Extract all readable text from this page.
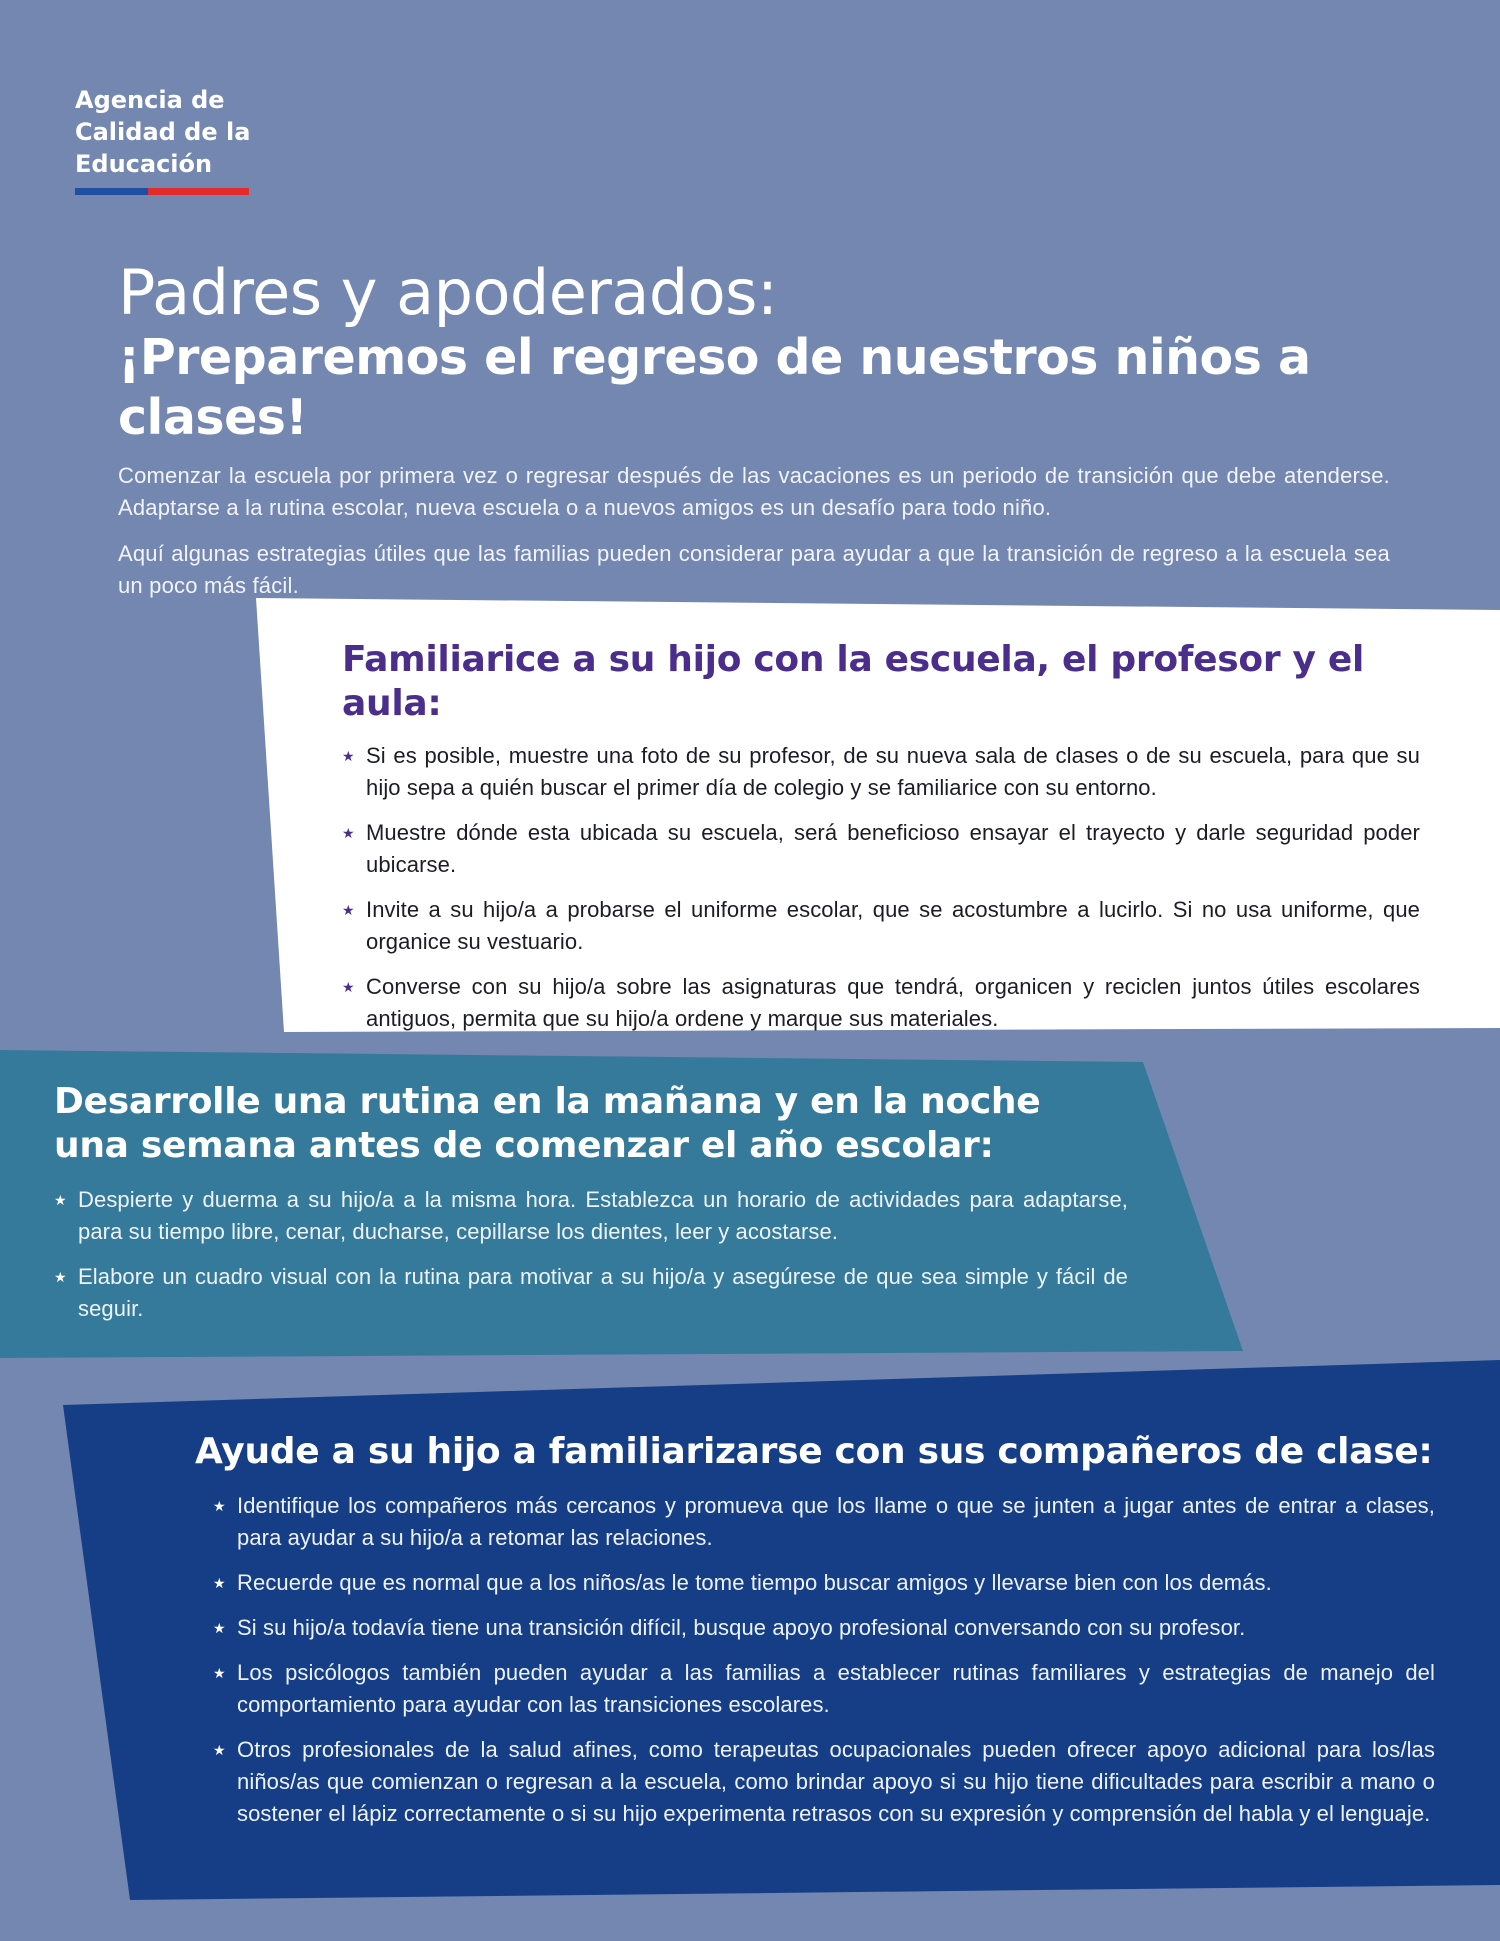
Agencia de
Calidad de la
Educación
Padres y apoderados:
¡Preparemos el regreso de nuestros niños a clases!

Comenzar la escuela por primera vez o regresar después de las vacaciones es un periodo de transición que debe atenderse. Adaptarse a la rutina escolar, nueva escuela o a nuevos amigos es un desafío para todo niño.

Aquí algunas estrategias útiles que las familias pueden considerar para ayudar a que la transición de regreso a la escuela sea un poco más fácil.

Familiarice a su hijo con la escuela, el profesor y el aula:
★ Si es posible, muestre una foto de su profesor, de su nueva sala de clases o de su escuela, para que su hijo sepa a quién buscar el primer día de colegio y se familiarice con su entorno.
★ Muestre dónde esta ubicada su escuela, será beneficioso ensayar el trayecto y darle seguridad poder ubicarse.
★ Invite a su hijo/a a probarse el uniforme escolar, que se acostumbre a lucirlo. Si no usa uniforme, que organice su vestuario.
★ Converse con su hijo/a sobre las asignaturas que tendrá, organicen y reciclen juntos útiles escolares antiguos, permita que su hijo/a ordene y marque sus materiales.
Desarrolle una rutina en la mañana y en la noche
una semana antes de comenzar el año escolar:
★ Despierte y duerma a su hijo/a a la misma hora. Establezca un horario de actividades para adaptarse, para su tiempo libre, cenar, ducharse, cepillarse los dientes, leer y acostarse.
★ Elabore un cuadro visual con la rutina para motivar a su hijo/a y asegúrese de que sea simple y fácil de seguir.
Ayude a su hijo a familiarizarse con sus compañeros de clase:
★ Identifique los compañeros más cercanos y promueva que los llame o que se junten a jugar antes de entrar a clases, para ayudar a su hijo/a a retomar las relaciones.
★ Recuerde que es normal que a los niños/as le tome tiempo buscar amigos y llevarse bien con los demás.
★ Si su hijo/a todavía tiene una transición difícil, busque apoyo profesional conversando con su profesor.
★ Los psicólogos también pueden ayudar a las familias a establecer rutinas familiares y estrategias de manejo del comportamiento para ayudar con las transiciones escolares.
★ Otros profesionales de la salud afines, como terapeutas ocupacionales pueden ofrecer apoyo adicional para los/las niños/as que comienzan o regresan a la escuela, como brindar apoyo si su hijo tiene dificultades para escribir a mano o sostener el lápiz correctamente o si su hijo experimenta retrasos con su expresión y comprensión del habla y el lenguaje.
